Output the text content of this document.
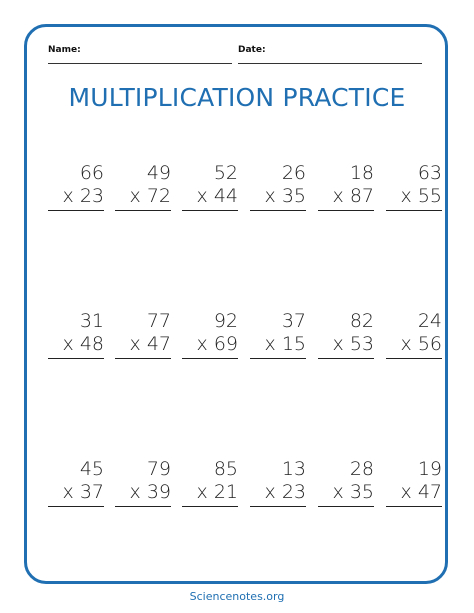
Name:	Date:
MULTIPLICATION PRACTICE
66
x 23
49
x 72
52
x 44
26
x 35
18
x 87
63
x 55
31
x 48
77
x 47
92
x 69
37
x 15
82
x 53
24
x 56
45
x 37
79
x 39
85
x 21
13
x 23
28
x 35
19
x 47
Sciencenotes.org
